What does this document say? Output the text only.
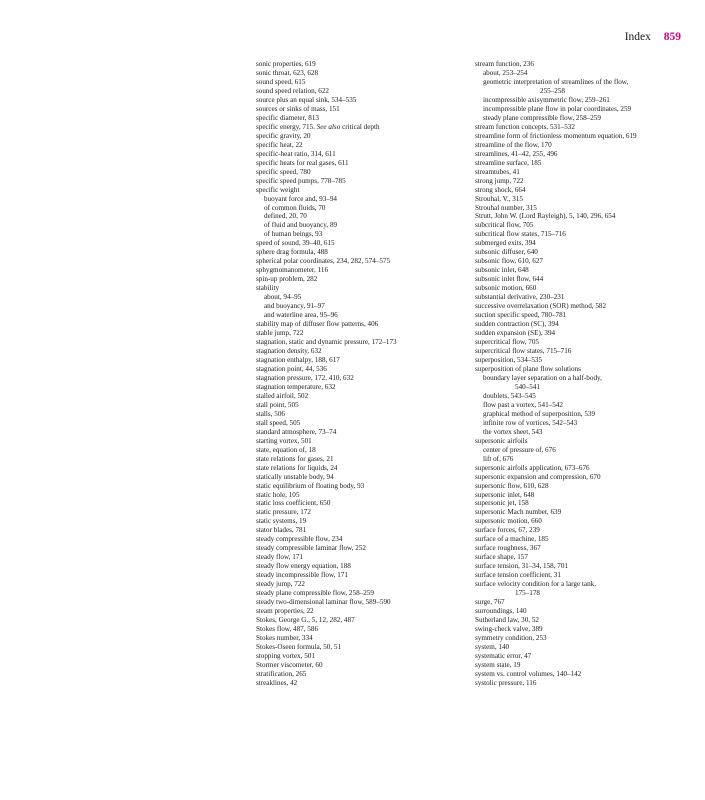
Index 859
sonic properties, 619
sonic throat, 623, 628
sound speed, 615
sound speed relation, 622
source plus an equal sink, 534–535
sources or sinks of mass, 151
specific diameter, 813
specific energy, 715. See also critical depth
specific gravity, 20
specific heat, 22
specific-heat ratio, 314, 611
specific heats for real gases, 611
specific speed, 780
specific speed pumps, 778–785
specific weight
buoyant force and, 93–94
of common fluids, 70
defined, 20, 70
of fluid and buoyancy, 89
of human beings, 93
speed of sound, 39–40, 615
sphere drag formula, 488
spherical polar coordinates, 234, 282, 574–575
sphygmomanometer, 116
spin-up problem, 282
stability
about, 94–95
and buoyancy, 91–97
and waterline area, 95–96
stability map of diffuser flow patterns, 406
stable jump, 722
stagnation, static and dynamic pressure, 172–173
stagnation density, 632
stagnation enthalpy, 188, 617
stagnation point, 44, 536
stagnation pressure, 172, 410, 632
stagnation temperature, 632
stalled airfoil, 502
stall point, 505
stalls, 506
stall speed, 505
standard atmosphere, 73–74
starting vortex, 501
state, equation of, 18
state relations for gases, 21
state relations for liquids, 24
statically unstable body, 94
static equilibrium of floating body, 93
static hole, 105
static loss coefficient, 650
static pressure, 172
static systems, 19
stator blades, 781
steady compressible flow, 234
steady compressible laminar flow, 252
steady flow, 171
steady flow energy equation, 188
steady incompressible flow, 171
steady jump, 722
steady plane compressible flow, 258–259
steady two-dimensional laminar flow, 589–590
steam properties, 22
Stokes, George G., 5, 12, 282, 487
Stokes flow, 487, 586
Stokes number, 334
Stokes-Oseen formula, 50, 51
stopping vortex, 501
Stormer viscometer, 60
stratification, 265
streaklines, 42
stream function, 236
about, 253–254
geometric interpretation of streamlines of the flow,
255–258
incompressible axisymmetric flow, 259–261
incompressible plane flow in polar coordinates, 259
steady plane compressible flow, 258–259
stream function concepts, 531–532
streamline form of frictionless momentum equation, 619
streamline of the flow, 170
streamlines, 41–42, 255, 496
streamline surface, 185
streamtubes, 41
strong jump, 722
strong shock, 664
Strouhal, V., 315
Strouhal number, 315
Strutt, John W. (Lord Rayleigh), 5, 140, 296, 654
subcritical flow, 705
subcritical flow states, 715–716
submerged exits, 394
subsonic diffuser, 640
subsonic flow, 610, 627
subsonic inlet, 648
subsonic inlet flow, 644
subsonic motion, 660
substantial derivative, 230–231
successive overrelaxation (SOR) method, 582
suction specific speed, 780–781
sudden contraction (SC), 394
sudden expansion (SE), 394
supercritical flow, 705
supercritical flow states, 715–716
superposition, 534–535
superposition of plane flow solutions
boundary layer separation on a half-body,
540–541
doublets, 543–545
flow past a vortex, 541–542
graphical method of superposition, 539
infinite row of vortices, 542–543
the vortex sheet, 543
supersonic airfoils
center of pressure of, 676
lift of, 676
supersonic airfoils application, 673–676
supersonic expansion and compression, 670
supersonic flow, 610, 628
supersonic inlet, 648
supersonic jet, 158
supersonic Mach number, 639
supersonic motion, 660
surface forces, 67, 239
surface of a machine, 185
surface roughness, 367
surface shape, 157
surface tension, 31–34, 158, 701
surface tension coefficient, 31
surface velocity condition for a large tank,
175–178
surge, 767
surroundings, 140
Sutherland law, 30, 52
swing-check valve, 389
symmetry condition, 253
system, 140
systematic error, 47
system state, 19
system vs. control volumes, 140–142
systolic pressure, 116
